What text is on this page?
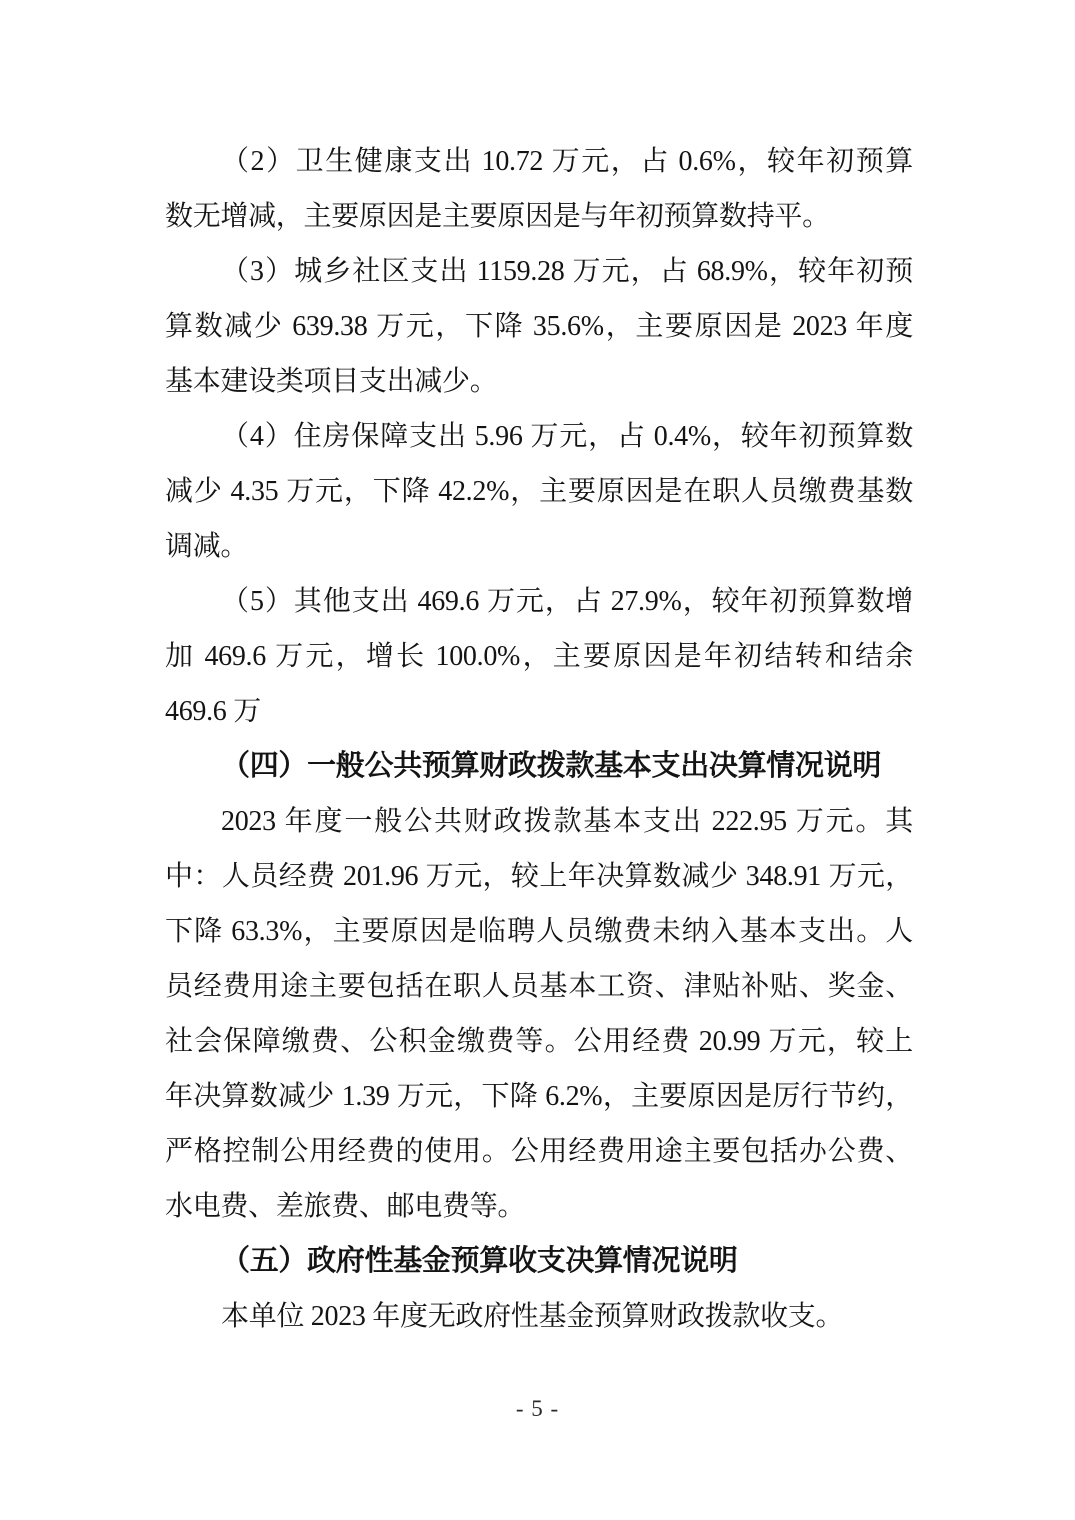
（2）卫生健康支出 10.72 万元，占 0.6%，较年初预算
数无增减，主要原因是主要原因是与年初预算数持平。
（3）城乡社区支出 1159.28 万元，占 68.9%，较年初预
算数减少 639.38 万元，下降 35.6%，主要原因是 2023 年度
基本建设类项目支出减少。
（4）住房保障支出 5.96 万元，占 0.4%，较年初预算数
减少 4.35 万元，下降 42.2%，主要原因是在职人员缴费基数
调减。
（5）其他支出 469.6 万元，占 27.9%，较年初预算数增
加 469.6 万元，增长 100.0%，主要原因是年初结转和结余
469.6 万
（四）一般公共预算财政拨款基本支出决算情况说明
2023 年度一般公共财政拨款基本支出 222.95 万元。其
中：人员经费 201.96 万元，较上年决算数减少 348.91 万元，
下降 63.3%，主要原因是临聘人员缴费未纳入基本支出。人
员经费用途主要包括在职人员基本工资、津贴补贴、奖金、
社会保障缴费、公积金缴费等。公用经费 20.99 万元，较上
年决算数减少 1.39 万元，下降 6.2%，主要原因是厉行节约，
严格控制公用经费的使用。公用经费用途主要包括办公费、
水电费、差旅费、邮电费等。
（五）政府性基金预算收支决算情况说明
本单位 2023 年度无政府性基金预算财政拨款收支。
- 5 -
